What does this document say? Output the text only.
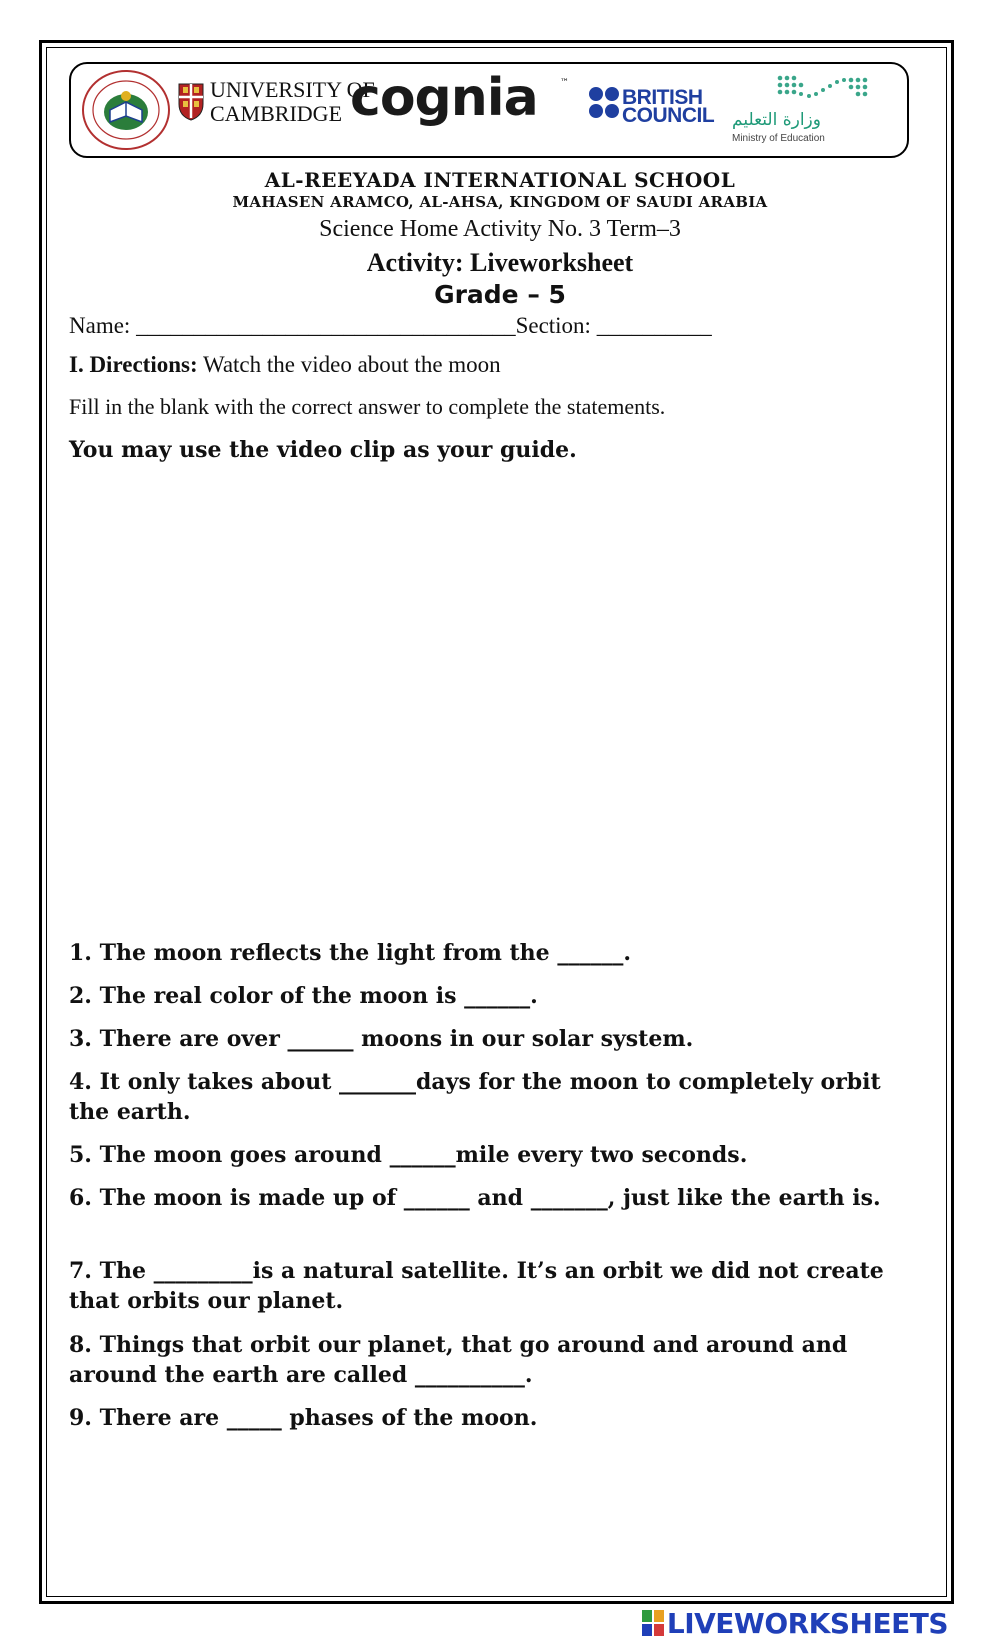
UNIVERSITY OF
CAMBRIDGE cognia ™
BRITISH
COUNCIL وزارة التعليم
Ministry of Education
AL-REEYADA INTERNATIONAL SCHOOL
MAHASEN ARAMCO, AL-AHSA, KINGDOM OF SAUDI ARABIA
Science Home Activity No. 3 Term–3
Activity: Liveworksheet
Grade – 5
Name: _________________________________Section: __________
I. Directions: Watch the video about the moon
Fill in the blank with the correct answer to complete the statements.
You may use the video clip as your guide.
1. The moon reflects the light from the ______.
2. The real color of the moon is ______.
3. There are over ______ moons in our solar system.
4. It only takes about _______days for the moon to completely orbit the earth.
5. The moon goes around ______mile every two seconds.
6. The moon is made up of ______ and _______, just like the earth is.
7. The _________is a natural satellite. It’s an orbit we did not create that orbits our planet.
8. Things that orbit our planet, that go around and around and around the earth are called __________.
9. There are _____ phases of the moon.
LIVEWORKSHEETS
